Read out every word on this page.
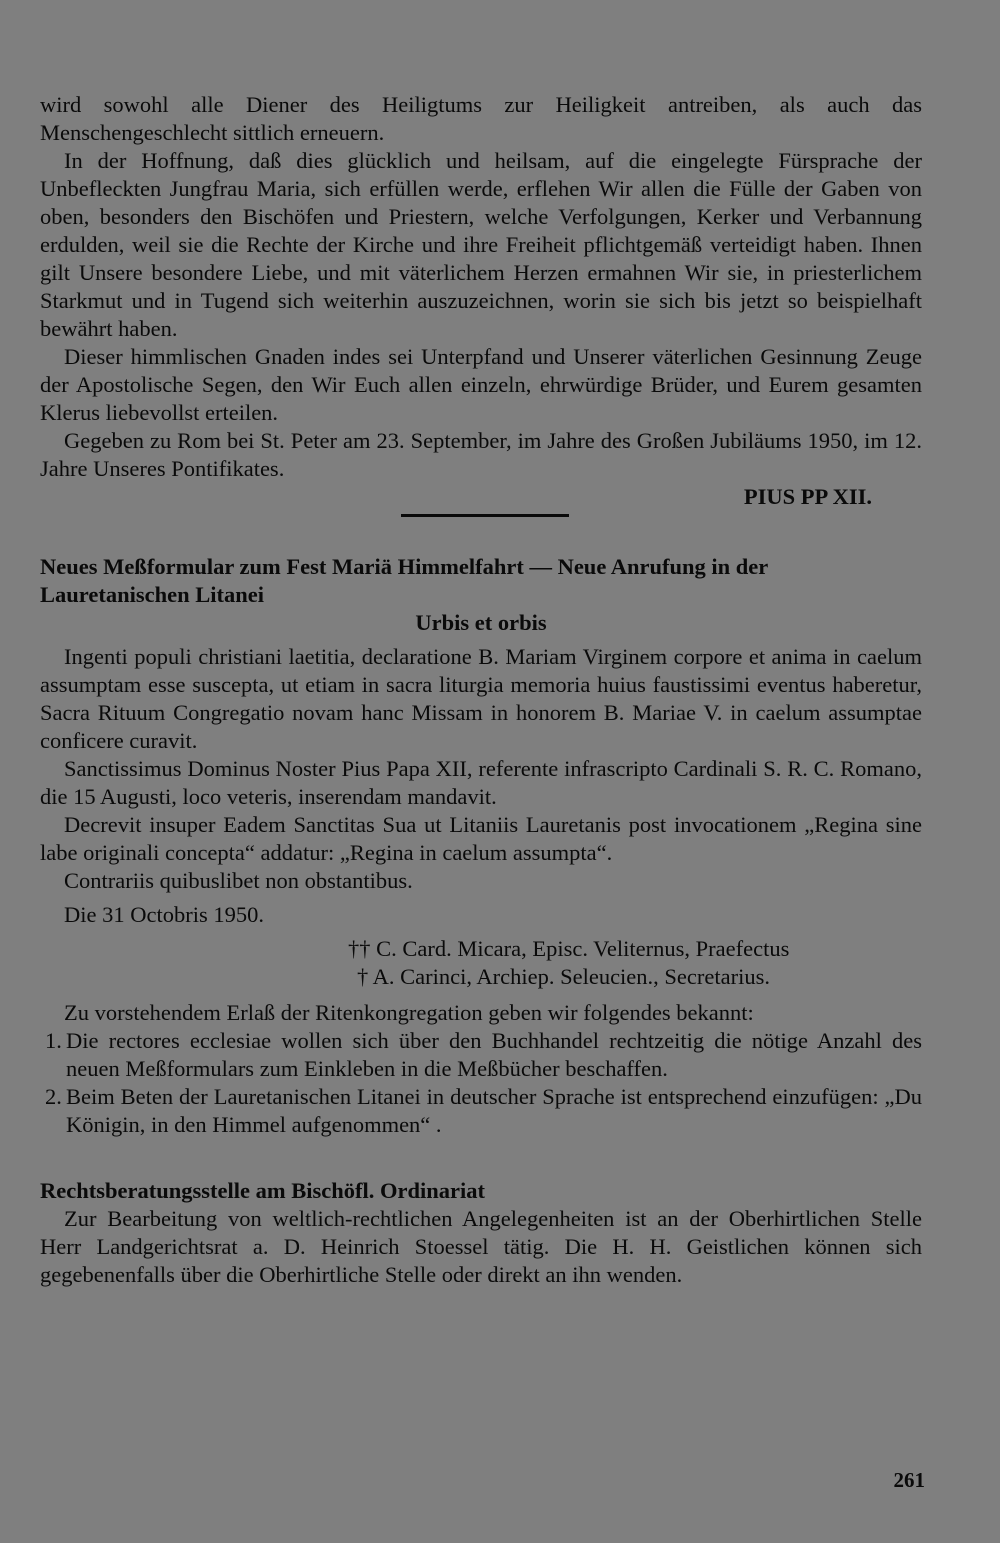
wird sowohl alle Diener des Heiligtums zur Heiligkeit antreiben, als auch das Menschengeschlecht sittlich erneuern.

In der Hoffnung, daß dies glücklich und heilsam, auf die eingelegte Fürsprache der Unbefleckten Jungfrau Maria, sich erfüllen werde, erflehen Wir allen die Fülle der Gaben von oben, besonders den Bischöfen und Priestern, welche Verfolgungen, Kerker und Verbannung erdulden, weil sie die Rechte der Kirche und ihre Freiheit pflichtgemäß verteidigt haben. Ihnen gilt Unsere besondere Liebe, und mit väterlichem Herzen ermahnen Wir sie, in priesterlichem Starkmut und in Tugend sich weiterhin auszuzeichnen, worin sie sich bis jetzt so beispielhaft bewährt haben.

Dieser himmlischen Gnaden indes sei Unterpfand und Unserer väterlichen Gesinnung Zeuge der Apostolische Segen, den Wir Euch allen einzeln, ehrwürdige Brüder, und Eurem gesamten Klerus liebevollst erteilen.

Gegeben zu Rom bei St. Peter am 23. September, im Jahre des Großen Jubiläums 1950, im 12. Jahre Unseres Pontifikates.

PIUS PP XII.

Neues Meßformular zum Fest Mariä Himmelfahrt — Neue Anrufung in der Lauretanischen Litanei

Urbis et orbis

Ingenti populi christiani laetitia, declaratione B. Mariam Virginem corpore et anima in caelum assumptam esse suscepta, ut etiam in sacra liturgia memoria huius faustissimi eventus haberetur, Sacra Rituum Congregatio novam hanc Missam in honorem B. Mariae V. in caelum assumptae conficere curavit.

Sanctissimus Dominus Noster Pius Papa XII, referente infrascripto Cardinali S. R. C. Romano, die 15 Augusti, loco veteris, inserendam mandavit.

Decrevit insuper Eadem Sanctitas Sua ut Litaniis Lauretanis post invocationem „Regina sine labe originali concepta“ addatur: „Regina in caelum assumpta“.

Contrariis quibuslibet non obstantibus.

Die 31 Octobris 1950.

†† C. Card. Micara, Episc. Veliternus, Praefectus

† A. Carinci, Archiep. Seleucien., Secretarius.

Zu vorstehendem Erlaß der Ritenkongregation geben wir folgendes bekannt:

1. Die rectores ecclesiae wollen sich über den Buchhandel rechtzeitig die nötige Anzahl des neuen Meßformulars zum Einkleben in die Meßbücher beschaffen.
2. Beim Beten der Lauretanischen Litanei in deutscher Sprache ist entsprechend einzufügen: „Du Königin, in den Himmel aufgenommen“ .

Rechtsberatungsstelle am Bischöfl. Ordinariat

Zur Bearbeitung von weltlich-rechtlichen Angelegenheiten ist an der Oberhirtlichen Stelle Herr Landgerichtsrat a. D. Heinrich Stoessel tätig. Die H. H. Geistlichen können sich gegebenenfalls über die Oberhirtliche Stelle oder direkt an ihn wenden.

261
